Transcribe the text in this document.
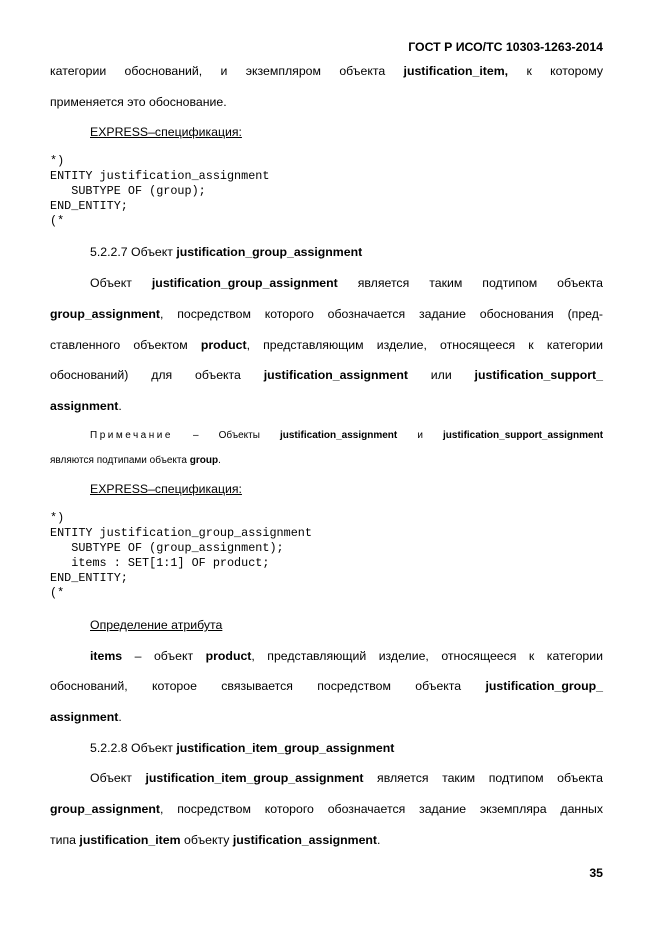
ГОСТ Р ИСО/ТС 10303-1263-2014

категории обоснований, и экземпляром объекта justification_item, к которому

применяется это обоснование.

EXPRESS–спецификация:

*)
ENTITY justification_assignment
SUBTYPE OF (group);
END_ENTITY;
(*

5.2.2.7 Объект justification_group_assignment

Объект justification_group_assignment является таким подтипом объекта

group_assignment, посредством которого обозначается задание обоснования (пред-

ставленного объектом product, представляющим изделие, относящееся к категории

обоснований) для объекта justification_assignment или justification_support_

assignment.

Примечание – Объекты justification_assignment и justification_support_assignment

являются подтипами объекта group.

EXPRESS–спецификация:

*)
ENTITY justification_group_assignment
SUBTYPE OF (group_assignment);
items : SET[1:1] OF product;
END_ENTITY;
(*

Определение атрибута

items – объект product, представляющий изделие, относящееся к категории

обоснований, которое связывается посредством объекта justification_group_

assignment.

5.2.2.8 Объект justification_item_group_assignment

Объект justification_item_group_assignment является таким подтипом объекта

group_assignment, посредством которого обозначается задание экземпляра данных

типа justification_item объекту justification_assignment.

35
